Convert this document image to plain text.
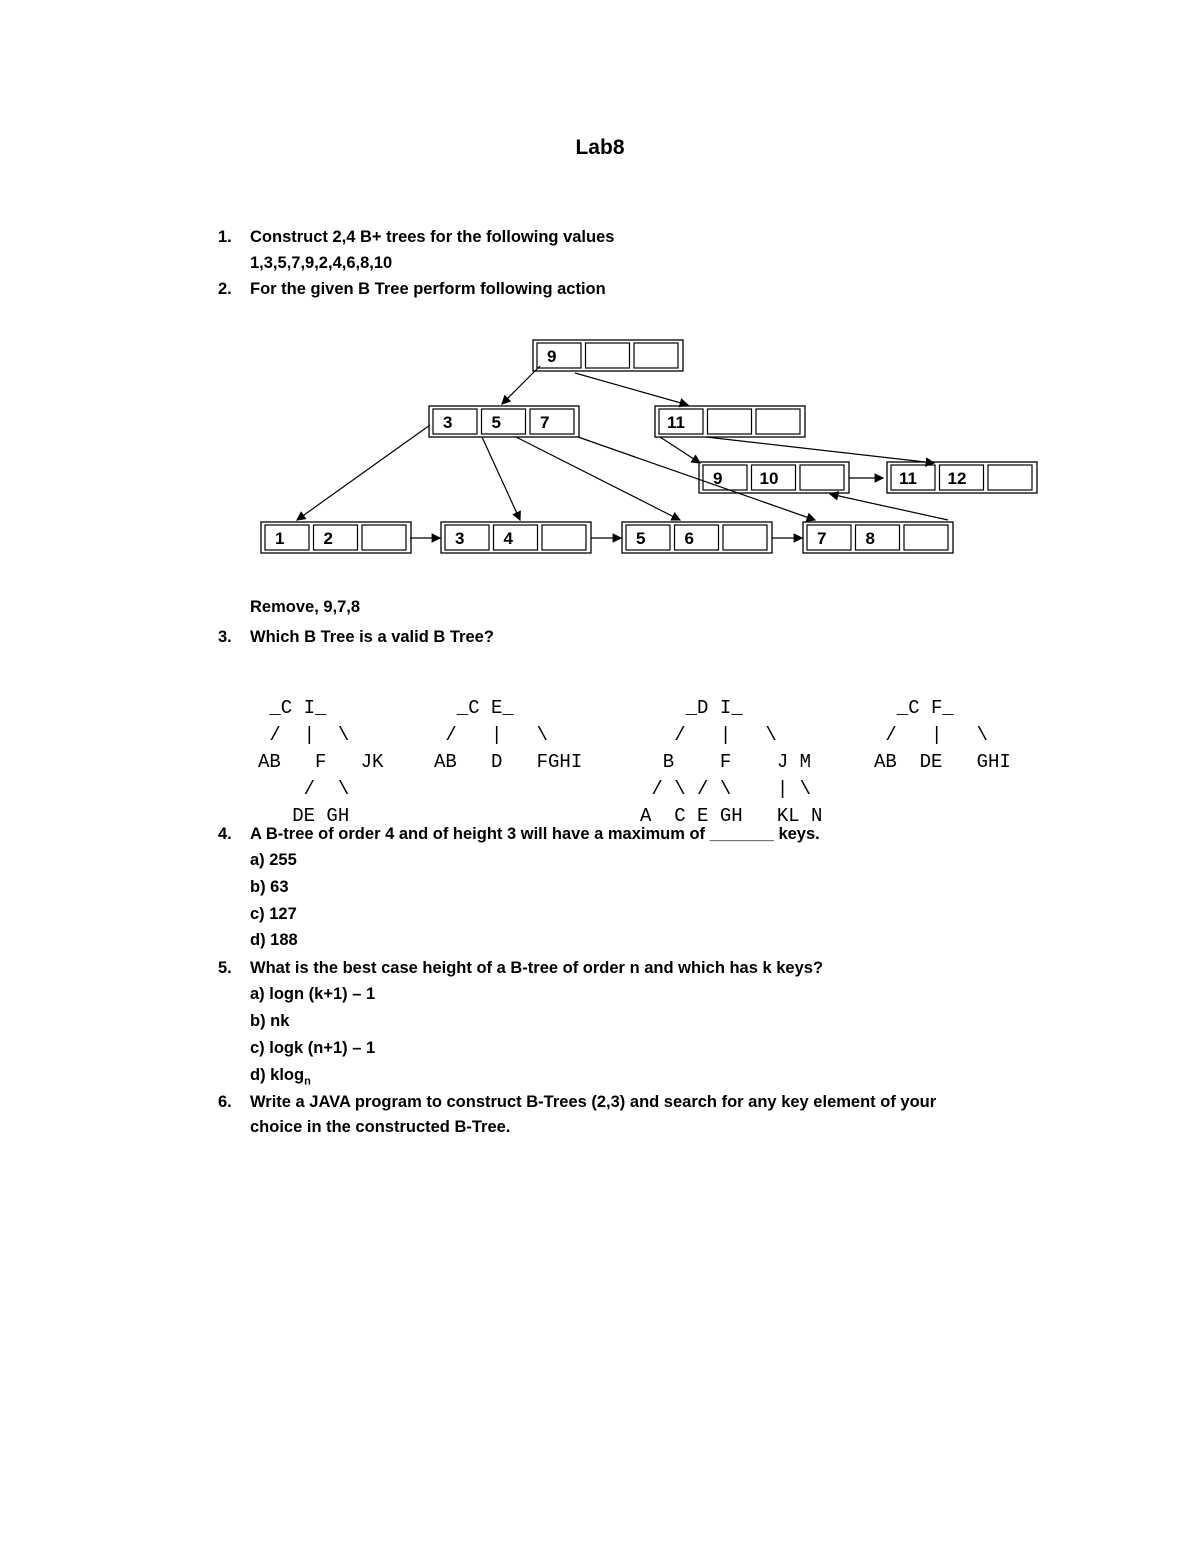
Lab8
1.	Construct 2,4 B+ trees for the following values
1,3,5,7,9,2,4,6,8,10
2.	For the given B Tree perform following action
9
3 5 7	11
9 10	11 12
1 2	3 4	5 6	7 8
Remove, 9,7,8
3.	Which B Tree is a valid B Tree?

_C I_
/  |  \
AB   F   JK
/  \
DE GH

_C E_
/   |   \
AB   D   FGHI

_D I_
/   |   \
B    F    J M
/ \ / \    | \
A  C E GH   KL N

_C F_
/   |   \
AB  DE   GHI

4.	A B-tree of order 4 and of height 3 will have a maximum of _______ keys.
a) 255
b) 63
c) 127
d) 188
5.	What is the best case height of a B-tree of order n and which has k keys?
a) logn (k+1) – 1
b) nk
c) logk (n+1) – 1
d) klog$_n$
6.	Write a JAVA program to construct B-Trees (2,3) and search for any key element of your
choice in the constructed B-Tree.
